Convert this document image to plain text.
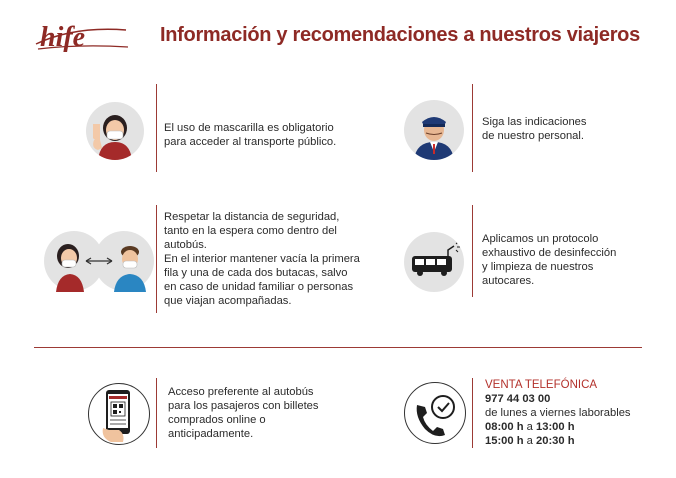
hife	Información y recomendaciones a nuestros viajeros
El uso de mascarilla es obligatorio
para acceder al transporte público.
Siga las indicaciones
de nuestro personal.
Respetar la distancia de seguridad,
tanto en la espera como dentro del
autobús.
En el interior mantener vacía la primera
fila y una de cada dos butacas, salvo
en caso de unidad familiar o personas
que viajan acompañadas.
Aplicamos un protocolo
exhaustivo de desinfección
y limpieza de nuestros
autocares.
Acceso preferente al autobús
para los pasajeros con billetes
comprados online o
anticipadamente.
VENTA TELEFÓNICA
977 44 03 00
de lunes a viernes laborables
08:00 h a 13:00 h
15:00 h a 20:30 h
